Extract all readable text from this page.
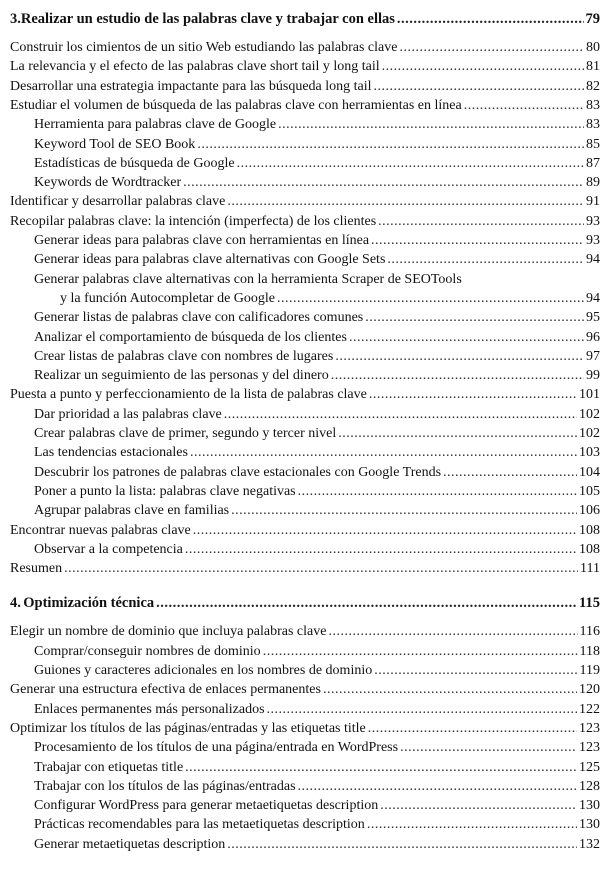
3. Realizar un estudio de las palabras clave y trabajar con ellas .....	79
Construir los cimientos de un sitio Web estudiando las palabras clave .....	80
La relevancia y el efecto de las palabras clave short tail y long tail .....	81
Desarrollar una estrategia impactante para las búsqueda long tail .....	82
Estudiar el volumen de búsqueda de las palabras clave con herramientas en línea .....	83
Herramienta para palabras clave de Google .....	83
Keyword Tool de SEO Book .....	85
Estadísticas de búsqueda de Google .....	87
Keywords de Wordtracker .....	89
Identificar y desarrollar palabras clave .....	91
Recopilar palabras clave: la intención (imperfecta) de los clientes .....	93
Generar ideas para palabras clave con herramientas en línea .....	93
Generar ideas para palabras clave alternativas con Google Sets .....	94
Generar palabras clave alternativas con la herramienta Scraper de SEOTools
y la función Autocompletar de Google .....	94
Generar listas de palabras clave con calificadores comunes .....	95
Analizar el comportamiento de búsqueda de los clientes .....	96
Crear listas de palabras clave con nombres de lugares .....	97
Realizar un seguimiento de las personas y del dinero .....	99
Puesta a punto y perfeccionamiento de la lista de palabras clave .....	101
Dar prioridad a las palabras clave .....	102
Crear palabras clave de primer, segundo y tercer nivel .....	102
Las tendencias estacionales .....	103
Descubrir los patrones de palabras clave estacionales con Google Trends .....	104
Poner a punto la lista: palabras clave negativas .....	105
Agrupar palabras clave en familias .....	106
Encontrar nuevas palabras clave .....	108
Observar a la competencia .....	108
Resumen .....	111
4. Optimización técnica .....	115
Elegir un nombre de dominio que incluya palabras clave .....	116
Comprar/conseguir nombres de dominio .....	118
Guiones y caracteres adicionales en los nombres de dominio .....	119
Generar una estructura efectiva de enlaces permanentes .....	120
Enlaces permanentes más personalizados .....	122
Optimizar los títulos de las páginas/entradas y las etiquetas title .....	123
Procesamiento de los títulos de una página/entrada en WordPress .....	123
Trabajar con etiquetas title .....	125
Trabajar con los títulos de las páginas/entradas .....	128
Configurar WordPress para generar metaetiquetas description .....	130
Prácticas recomendables para las metaetiquetas description .....	130
Generar metaetiquetas description .....	132
